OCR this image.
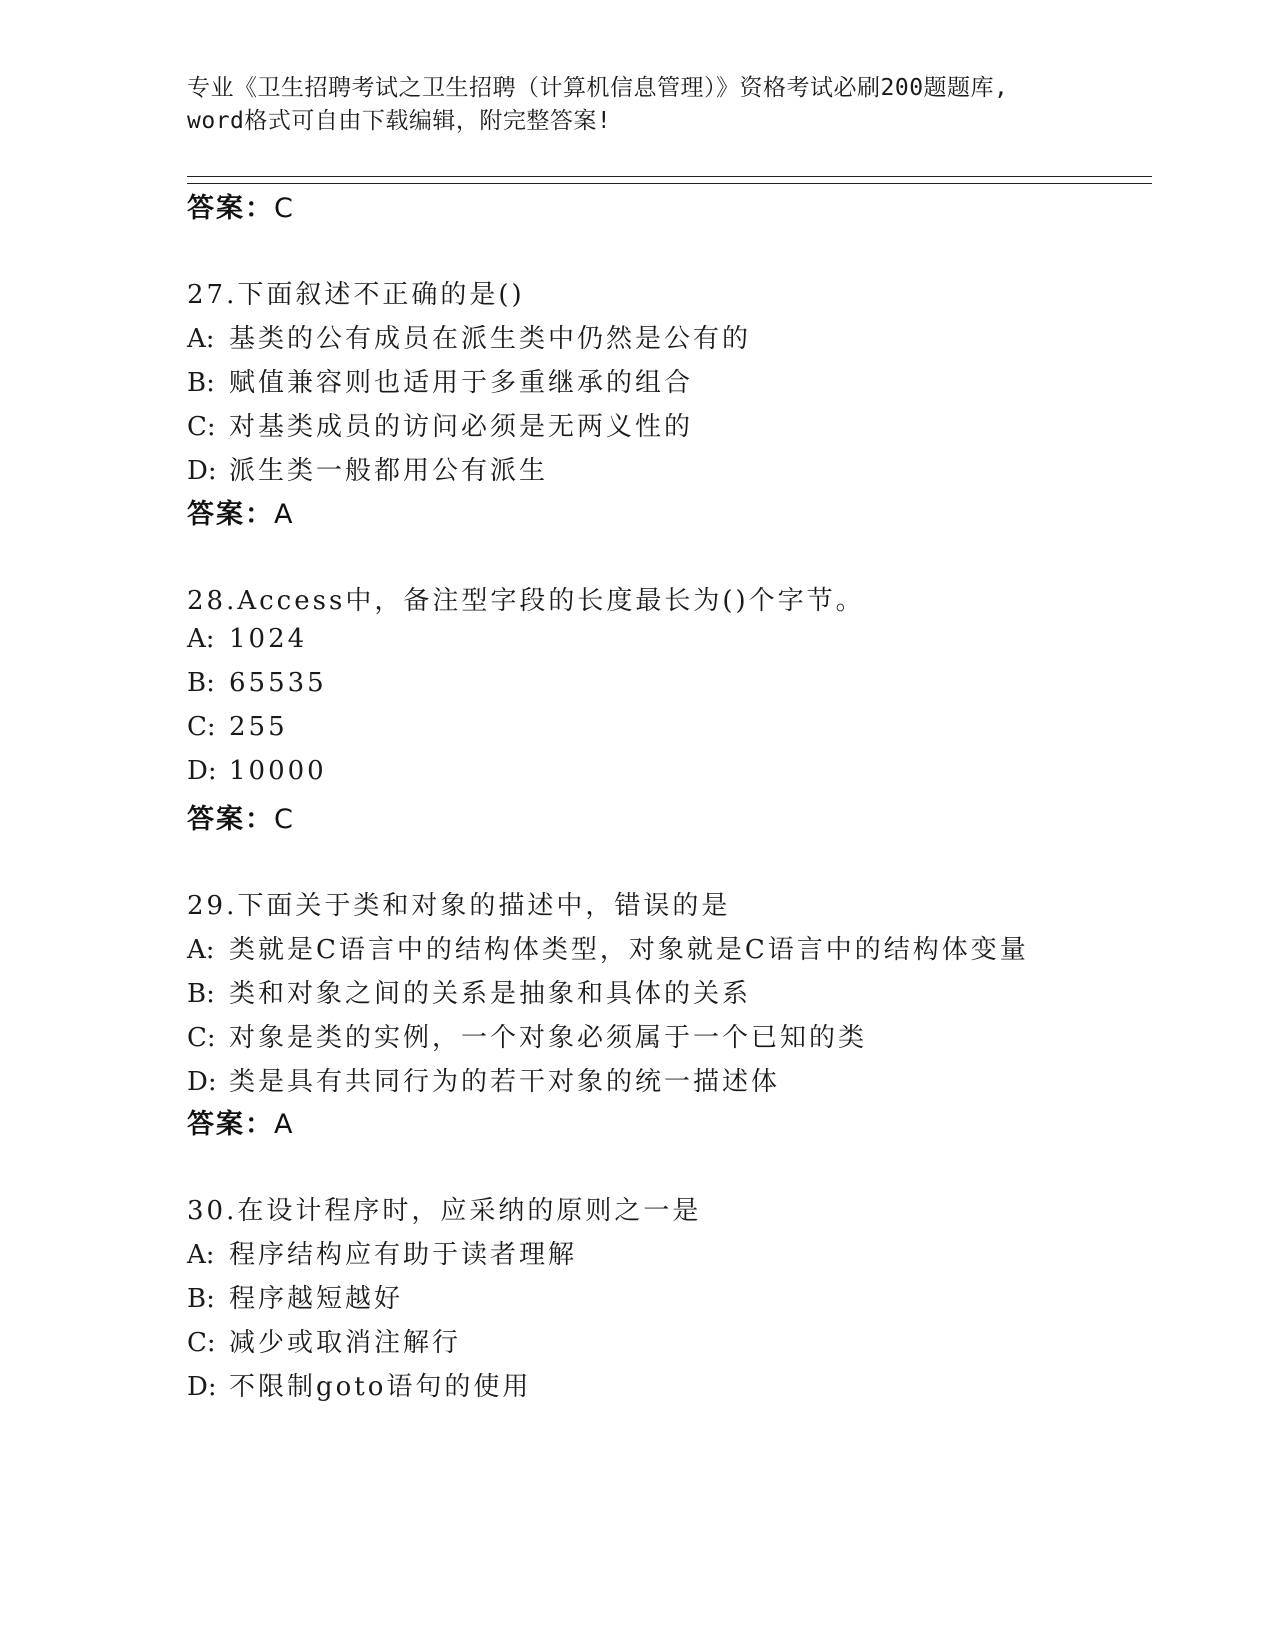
专业《卫生招聘考试之卫生招聘（计算机信息管理）》资格考试必刷200题题库,
word格式可自由下载编辑，附完整答案!
答案：C
27.下面叙述不正确的是()
A: 基类的公有成员在派生类中仍然是公有的
B: 赋值兼容则也适用于多重继承的组合
C: 对基类成员的访问必须是无两义性的
D: 派生类一般都用公有派生
答案：A
28.Access中，备注型字段的长度最长为()个字节。
A: 1024
B: 65535
C: 255
D: 10000
答案：C
29.下面关于类和对象的描述中，错误的是
A: 类就是C语言中的结构体类型，对象就是C语言中的结构体变量
B: 类和对象之间的关系是抽象和具体的关系
C: 对象是类的实例，一个对象必须属于一个已知的类
D: 类是具有共同行为的若干对象的统一描述体
答案：A
30.在设计程序时，应采纳的原则之一是
A: 程序结构应有助于读者理解
B: 程序越短越好
C: 减少或取消注解行
D: 不限制goto语句的使用
